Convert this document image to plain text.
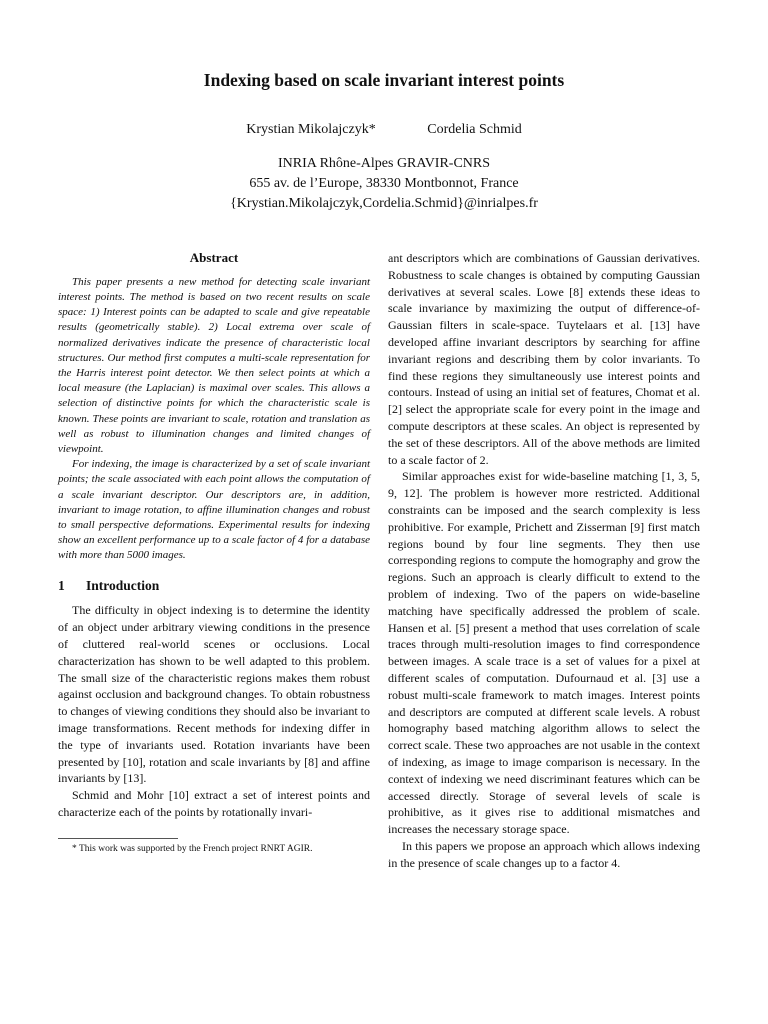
Indexing based on scale invariant interest points
Krystian Mikolajczyk*	Cordelia Schmid
INRIA Rhône-Alpes GRAVIR-CNRS
655 av. de l’Europe, 38330 Montbonnot, France
{Krystian.Mikolajczyk,Cordelia.Schmid}@inrialpes.fr
Abstract

This paper presents a new method for detecting scale invariant interest points. The method is based on two recent results on scale space: 1) Interest points can be adapted to scale and give repeatable results (geometrically stable). 2) Local extrema over scale of normalized derivatives indicate the presence of characteristic local structures. Our method first computes a multi-scale representation for the Harris interest point detector. We then select points at which a local measure (the Laplacian) is maximal over scales. This allows a selection of distinctive points for which the characteristic scale is known. These points are invariant to scale, rotation and translation as well as robust to illumination changes and limited changes of viewpoint.

For indexing, the image is characterized by a set of scale invariant points; the scale associated with each point allows the computation of a scale invariant descriptor. Our descriptors are, in addition, invariant to image rotation, to affine illumination changes and robust to small perspective deformations. Experimental results for indexing show an excellent performance up to a scale factor of 4 for a database with more than 5000 images.

1 Introduction

The difficulty in object indexing is to determine the identity of an object under arbitrary viewing conditions in the presence of cluttered real-world scenes or occlusions. Local characterization has shown to be well adapted to this problem. The small size of the characteristic regions makes them robust against occlusion and background changes. To obtain robustness to changes of viewing conditions they should also be invariant to image transformations. Recent methods for indexing differ in the type of invariants used. Rotation invariants have been presented by [10], rotation and scale invariants by [8] and affine invariants by [13].

Schmid and Mohr [10] extract a set of interest points and characterize each of the points by rotationally invari-

ant descriptors which are combinations of Gaussian derivatives. Robustness to scale changes is obtained by computing Gaussian derivatives at several scales. Lowe [8] extends these ideas to scale invariance by maximizing the output of difference-of-Gaussian filters in scale-space. Tuytelaars et al. [13] have developed affine invariant descriptors by searching for affine invariant regions and describing them by color invariants. To find these regions they simultaneously use interest points and contours. Instead of using an initial set of features, Chomat et al. [2] select the appropriate scale for every point in the image and compute descriptors at these scales. An object is represented by the set of these descriptors. All of the above methods are limited to a scale factor of 2.

Similar approaches exist for wide-baseline matching [1, 3, 5, 9, 12]. The problem is however more restricted. Additional constraints can be imposed and the search complexity is less prohibitive. For example, Prichett and Zisserman [9] first match regions bound by four line segments. They then use corresponding regions to compute the homography and grow the regions. Such an approach is clearly difficult to extend to the problem of indexing. Two of the papers on wide-baseline matching have specifically addressed the problem of scale. Hansen et al. [5] present a method that uses correlation of scale traces through multi-resolution images to find correspondence between images. A scale trace is a set of values for a pixel at different scales of computation. Dufournaud et al. [3] use a robust multi-scale framework to match images. Interest points and descriptors are computed at different scale levels. A robust homography based matching algorithm allows to select the correct scale. These two approaches are not usable in the context of indexing, as image to image comparison is necessary. In the context of indexing we need discriminant features which can be accessed directly. Storage of several levels of scale is prohibitive, as it gives rise to additional mismatches and increases the necessary storage space.

In this papers we propose an approach which allows indexing in the presence of scale changes up to a factor 4.

* This work was supported by the French project RNRT AGIR.
